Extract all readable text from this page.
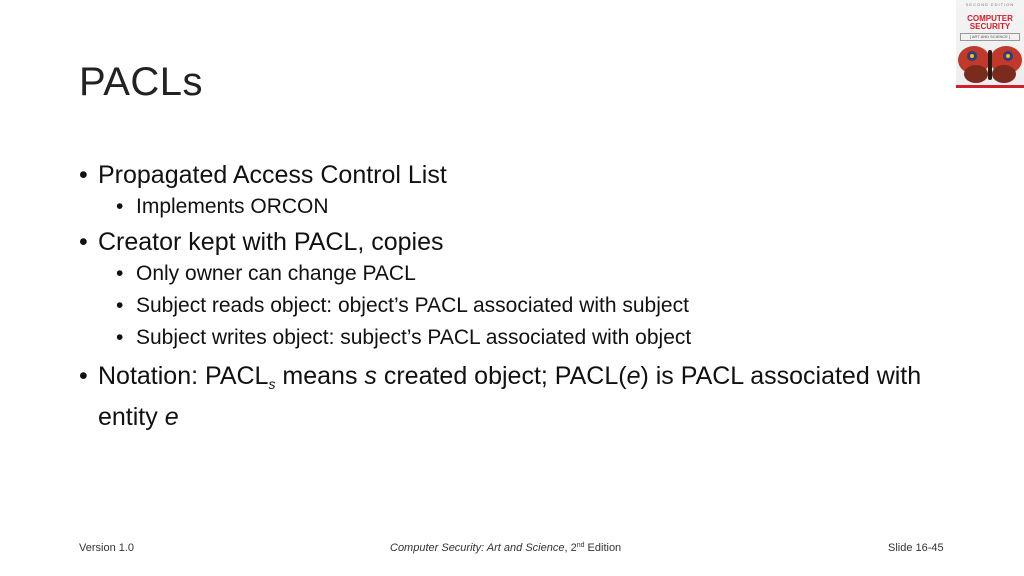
PACLs
• Propagated Access Control List
• Implements ORCON
• Creator kept with PACL, copies
• Only owner can change PACL
• Subject reads object: object’s PACL associated with subject
• Subject writes object: subject’s PACL associated with object
• Notation: $PACL_s$ means s created object; PACL(e) is PACL associated with entity e
Version 1.0	Computer Security: Art and Science, 2nd Edition	Slide 16-45
SECOND EDITION
COMPUTER
SECURITY
[ ART AND SCIENCE ]
